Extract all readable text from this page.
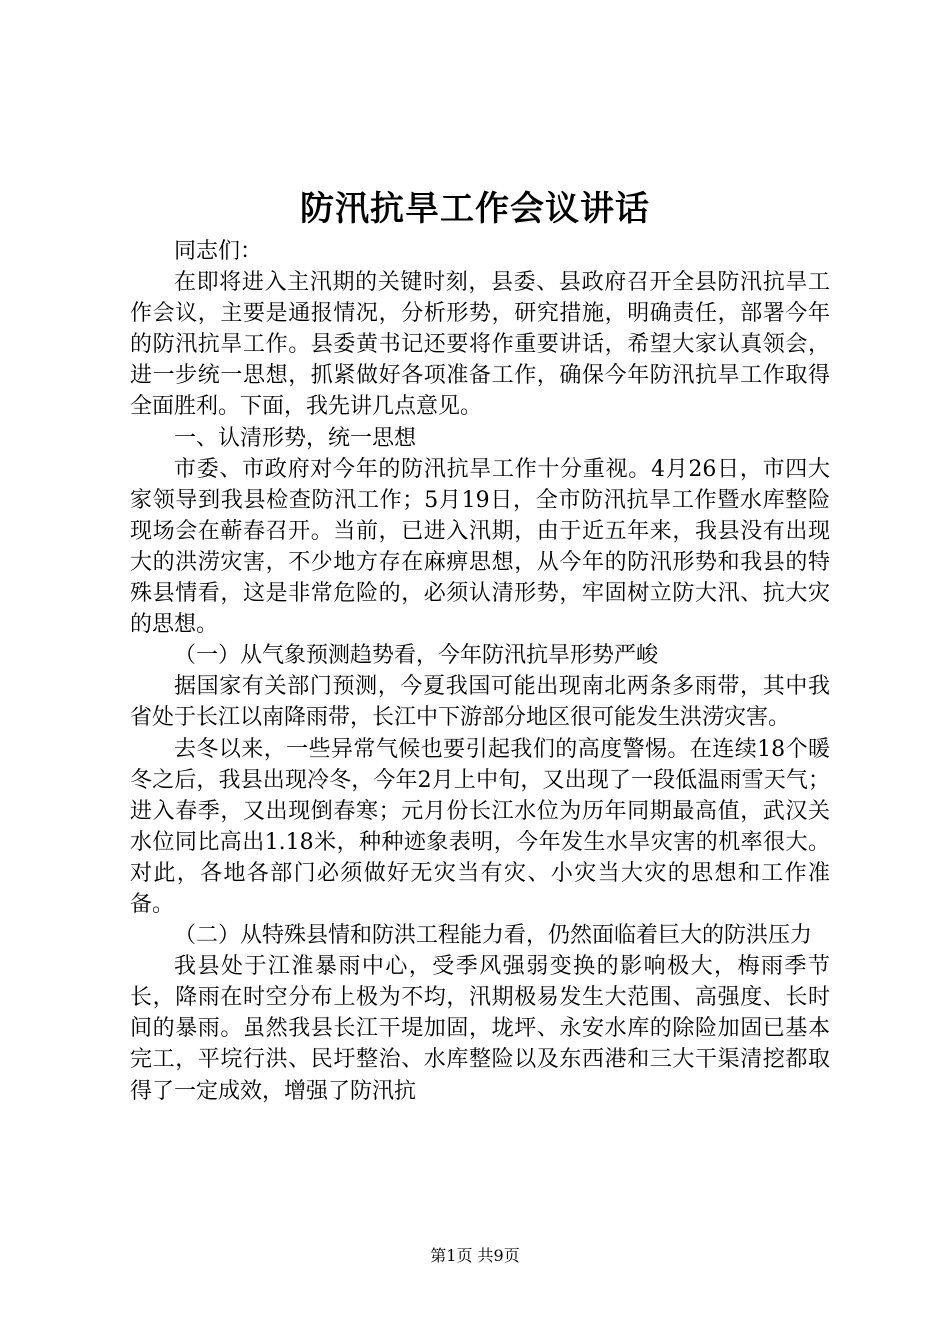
防汛抗旱工作会议讲话

同志们：

在即将进入主汛期的关键时刻，县委、县政府召开全县防汛抗旱工作会议，主要是通报情况，分析形势，研究措施，明确责任，部署今年的防汛抗旱工作。县委黄书记还要将作重要讲话，希望大家认真领会，进一步统一思想，抓紧做好各项准备工作，确保今年防汛抗旱工作取得全面胜利。下面，我先讲几点意见。

一、认清形势，统一思想

市委、市政府对今年的防汛抗旱工作十分重视。4月26日，市四大家领导到我县检查防汛工作；5月19日，全市防汛抗旱工作暨水库整险现场会在蕲春召开。当前，已进入汛期，由于近五年来，我县没有出现大的洪涝灾害，不少地方存在麻痹思想，从今年的防汛形势和我县的特殊县情看，这是非常危险的，必须认清形势，牢固树立防大汛、抗大灾的思想。

（一）从气象预测趋势看，今年防汛抗旱形势严峻

据国家有关部门预测，今夏我国可能出现南北两条多雨带，其中我省处于长江以南降雨带，长江中下游部分地区很可能发生洪涝灾害。

去冬以来，一些异常气候也要引起我们的高度警惕。在连续18个暖冬之后，我县出现冷冬，今年2月上中旬，又出现了一段低温雨雪天气；进入春季，又出现倒春寒；元月份长江水位为历年同期最高值，武汉关水位同比高出1.18米，种种迹象表明，今年发生水旱灾害的机率很大。对此，各地各部门必须做好无灾当有灾、小灾当大灾的思想和工作准备。

（二）从特殊县情和防洪工程能力看，仍然面临着巨大的防洪压力

我县处于江淮暴雨中心，受季风强弱变换的影响极大，梅雨季节长，降雨在时空分布上极为不均，汛期极易发生大范围、高强度、长时间的暴雨。虽然我县长江干堤加固，垅坪、永安水库的除险加固已基本完工，平垸行洪、民圩整治、水库整险以及东西港和三大干渠清挖都取得了一定成效，增强了防汛抗

第1页 共9页
